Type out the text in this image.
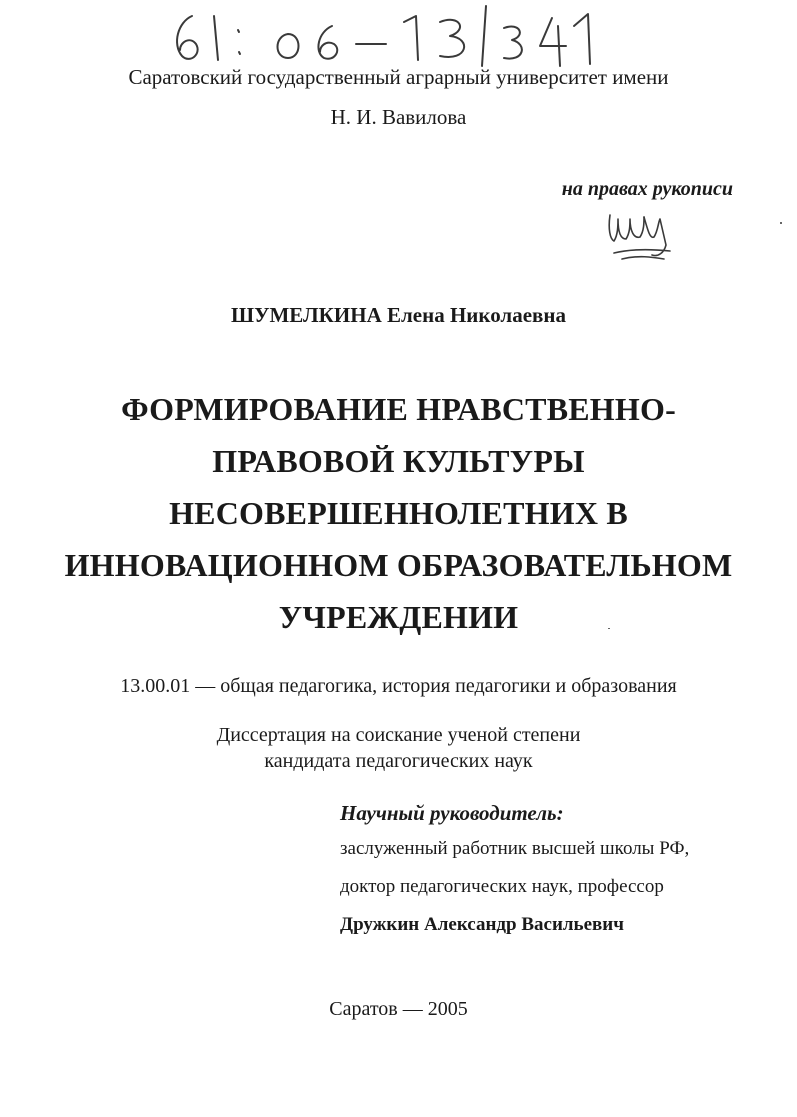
Саратовский государственный аграрный университет имени
Н. И. Вавилова
на правах рукописи
ШУМЕЛКИНА Елена Николаевна
ФОРМИРОВАНИЕ НРАВСТВЕННО-
ПРАВОВОЙ КУЛЬТУРЫ
НЕСОВЕРШЕННОЛЕТНИХ В
ИННОВАЦИОННОМ ОБРАЗОВАТЕЛЬНОМ
УЧРЕЖДЕНИИ
13.00.01 — общая педагогика, история педагогики и образования
Диссертация на соискание ученой степени
кандидата педагогических наук
Научный руководитель:
заслуженный работник высшей школы РФ,
доктор педагогических наук, профессор
Дружкин Александр Васильевич
Саратов — 2005
